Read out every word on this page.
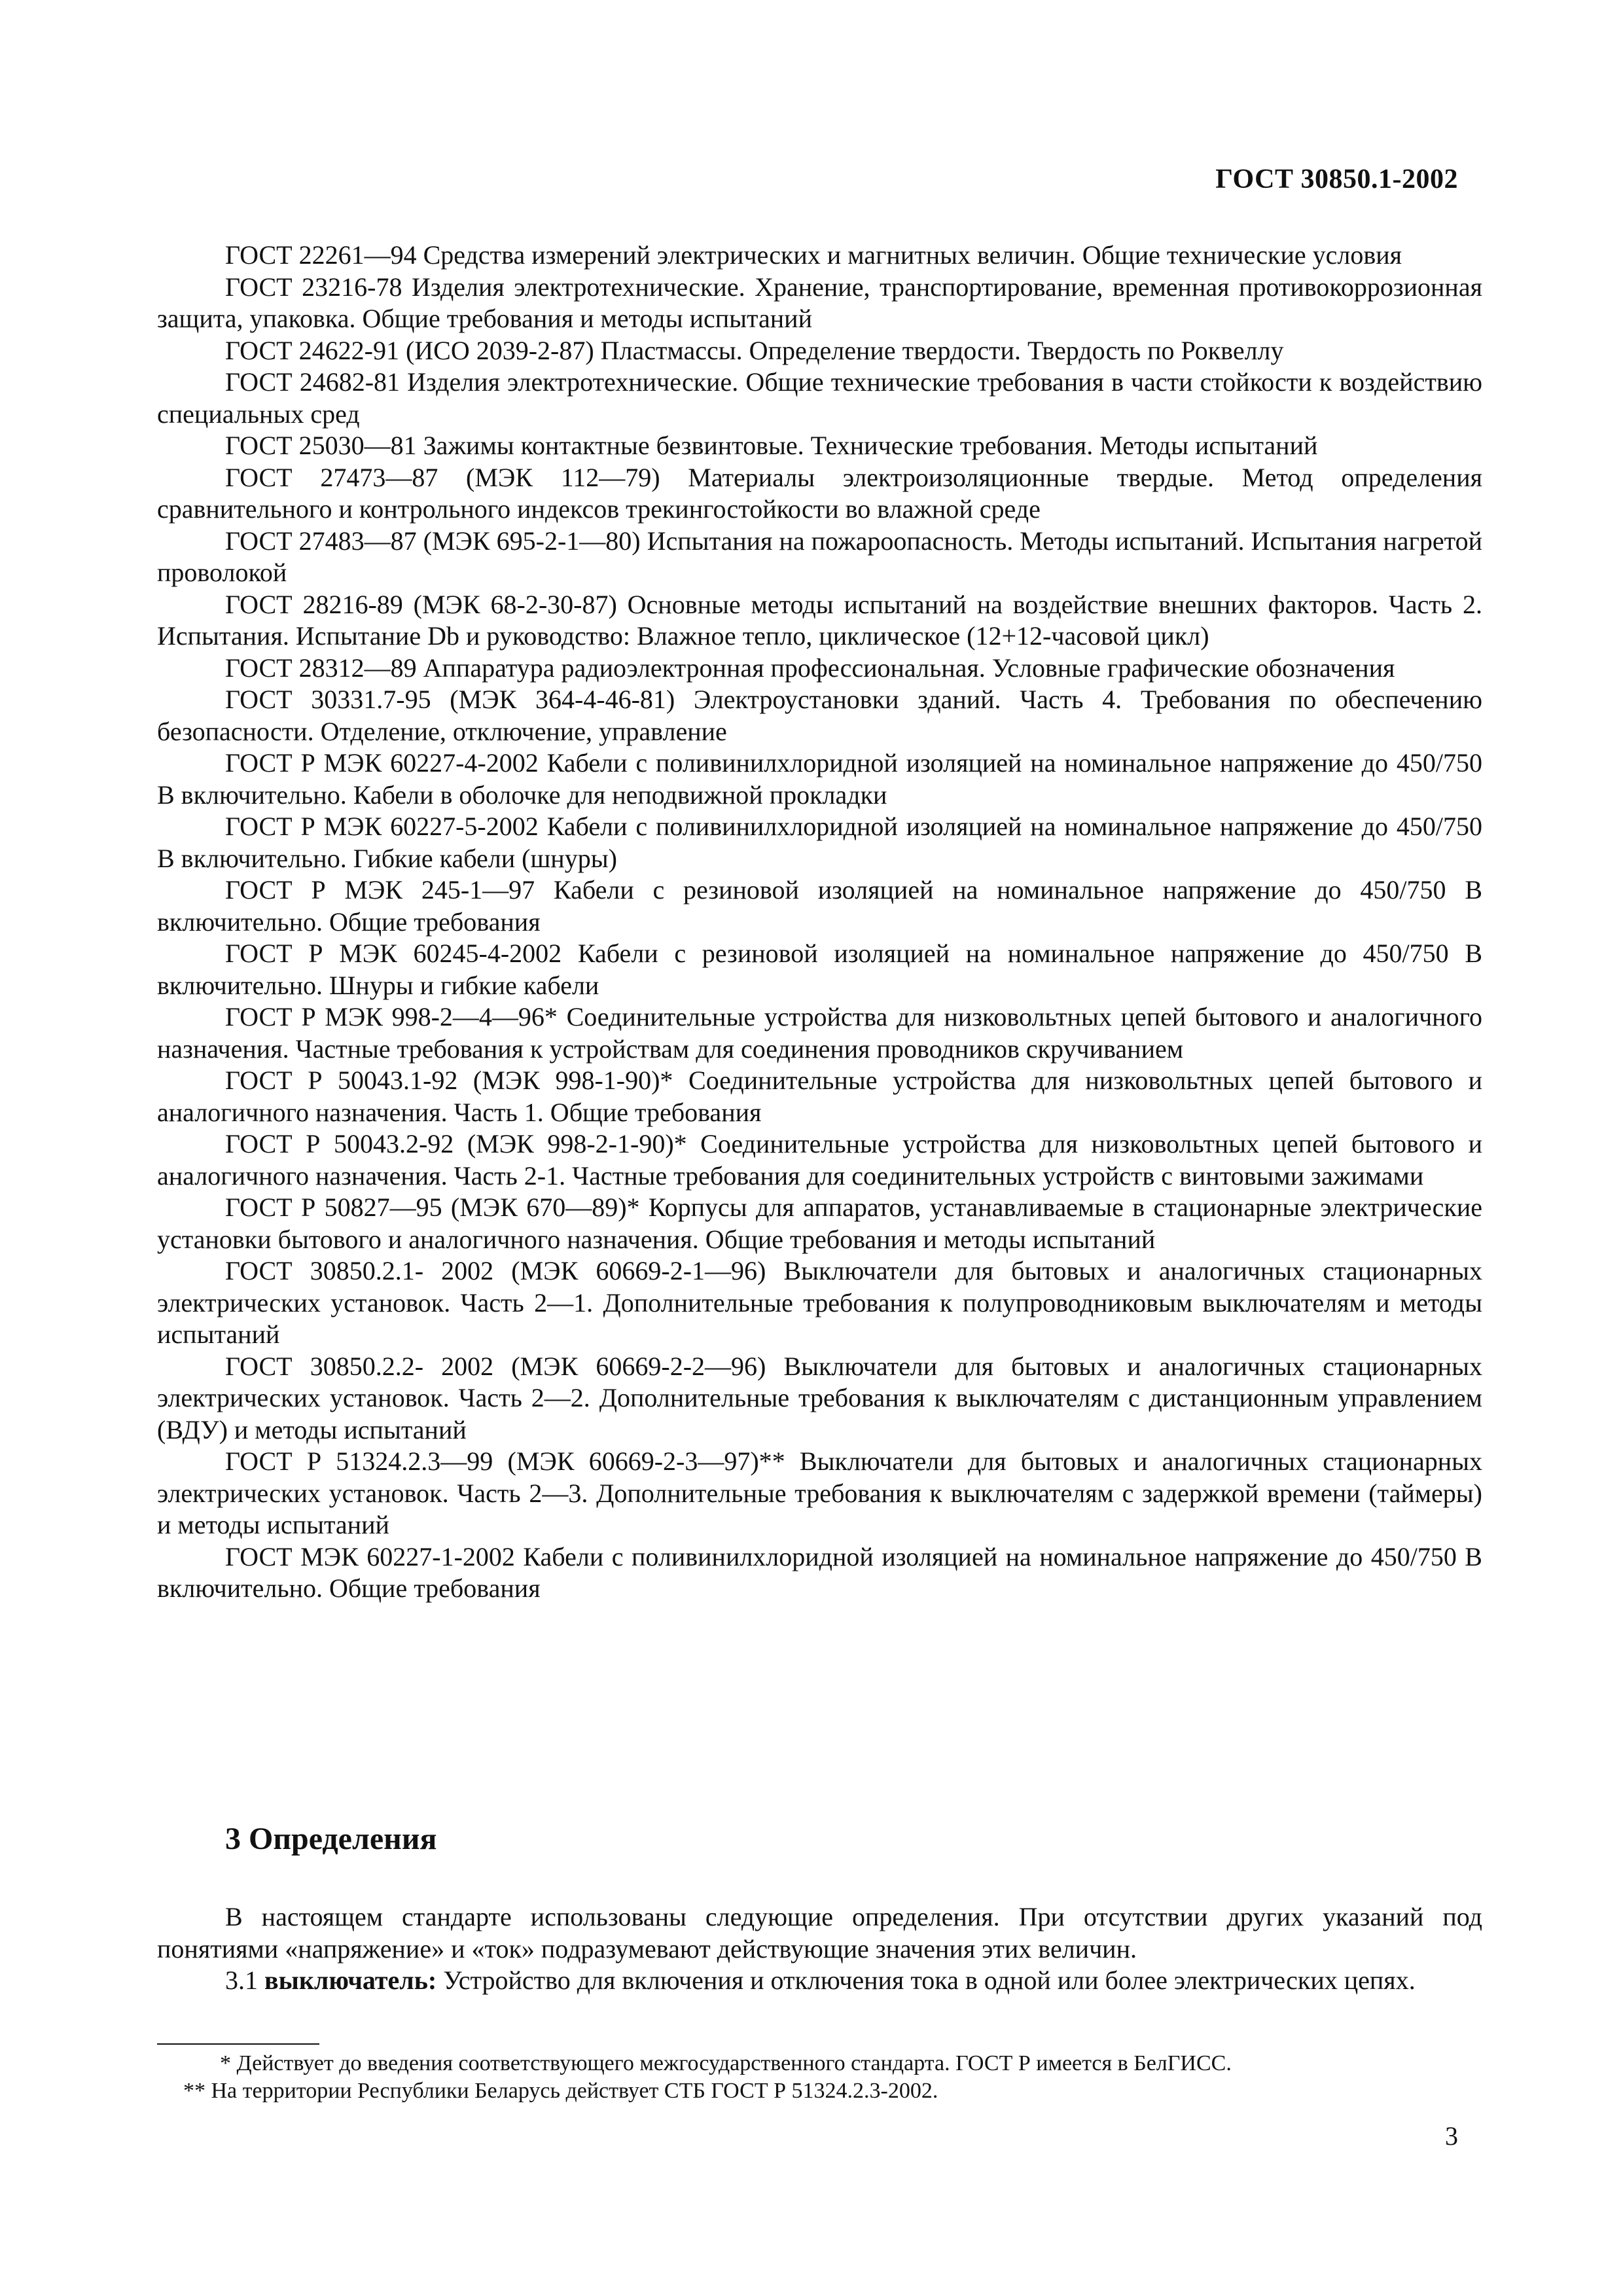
ГОСТ 30850.1-2002

ГОСТ 22261—94 Средства измерений электрических и магнитных величин. Общие технические условия

ГОСТ 23216-78 Изделия электротехнические. Хранение, транспортирование, временная противокоррозионная защита, упаковка. Общие требования и методы испытаний

ГОСТ 24622-91 (ИСО 2039-2-87) Пластмассы. Определение твердости. Твердость по Роквеллу

ГОСТ 24682-81 Изделия электротехнические. Общие технические требования в части стойкости к воздействию специальных сред

ГОСТ 25030—81 Зажимы контактные безвинтовые. Технические требования. Методы испытаний

ГОСТ 27473—87 (МЭК 112—79) Материалы электроизоляционные твердые. Метод определения сравнительного и контрольного индексов трекингостойкости во влажной среде

ГОСТ 27483—87 (МЭК 695-2-1—80) Испытания на пожароопасность. Методы испытаний. Испытания нагретой проволокой

ГОСТ 28216-89 (МЭК 68-2-30-87) Основные методы испытаний на воздействие внешних факторов. Часть 2. Испытания. Испытание Db и руководство: Влажное тепло, циклическое (12+12-часовой цикл)

ГОСТ 28312—89 Аппаратура радиоэлектронная профессиональная. Условные графические обозначения

ГОСТ 30331.7-95 (МЭК 364-4-46-81) Электроустановки зданий. Часть 4. Требования по обеспечению безопасности. Отделение, отключение, управление

ГОСТ Р МЭК 60227-4-2002 Кабели с поливинилхлоридной изоляцией на номинальное напряжение до 450/750 В включительно. Кабели в оболочке для неподвижной прокладки

ГОСТ Р МЭК 60227-5-2002 Кабели с поливинилхлоридной изоляцией на номинальное напряжение до 450/750 В включительно. Гибкие кабели (шнуры)

ГОСТ Р МЭК 245-1—97 Кабели с резиновой изоляцией на номинальное напряжение до 450/750 В включительно. Общие требования

ГОСТ Р МЭК 60245-4-2002 Кабели с резиновой изоляцией на номинальное напряжение до 450/750 В включительно. Шнуры и гибкие кабели

ГОСТ Р МЭК 998-2—4—96* Соединительные устройства для низковольтных цепей бытового и аналогичного назначения. Частные требования к устройствам для соединения проводников скручиванием

ГОСТ Р 50043.1-92 (МЭК 998-1-90)* Соединительные устройства для низковольтных цепей бытового и аналогичного назначения. Часть 1. Общие требования

ГОСТ Р 50043.2-92 (МЭК 998-2-1-90)* Соединительные устройства для низковольтных цепей бытового и аналогичного назначения. Часть 2-1. Частные требования для соединительных устройств с винтовыми зажимами

ГОСТ Р 50827—95 (МЭК 670—89)* Корпусы для аппаратов, устанавливаемые в стационарные электрические установки бытового и аналогичного назначения. Общие требования и методы испытаний

ГОСТ 30850.2.1- 2002 (МЭК 60669-2-1—96) Выключатели для бытовых и аналогичных стационарных электрических установок. Часть 2—1. Дополнительные требования к полупроводниковым выключателям и методы испытаний

ГОСТ 30850.2.2- 2002 (МЭК 60669-2-2—96) Выключатели для бытовых и аналогичных стационарных электрических установок. Часть 2—2. Дополнительные требования к выключателям с дистанционным управлением (ВДУ) и методы испытаний

ГОСТ Р 51324.2.3—99 (МЭК 60669-2-3—97)** Выключатели для бытовых и аналогичных стационарных электрических установок. Часть 2—3. Дополнительные требования к выключателям с задержкой времени (таймеры) и методы испытаний

ГОСТ МЭК 60227-1-2002 Кабели с поливинилхлоридной изоляцией на номинальное напряжение до 450/750 В включительно. Общие требования

3 Определения

В настоящем стандарте использованы следующие определения. При отсутствии других указаний под понятиями «напряжение» и «ток» подразумевают действующие значения этих величин.

3.1 выключатель: Устройство для включения и отключения тока в одной или более электрических цепях.

* Действует до введения соответствующего межгосударственного стандарта. ГОСТ Р имеется в БелГИСС.

** На территории Республики Беларусь действует СТБ ГОСТ Р 51324.2.3-2002.

3
